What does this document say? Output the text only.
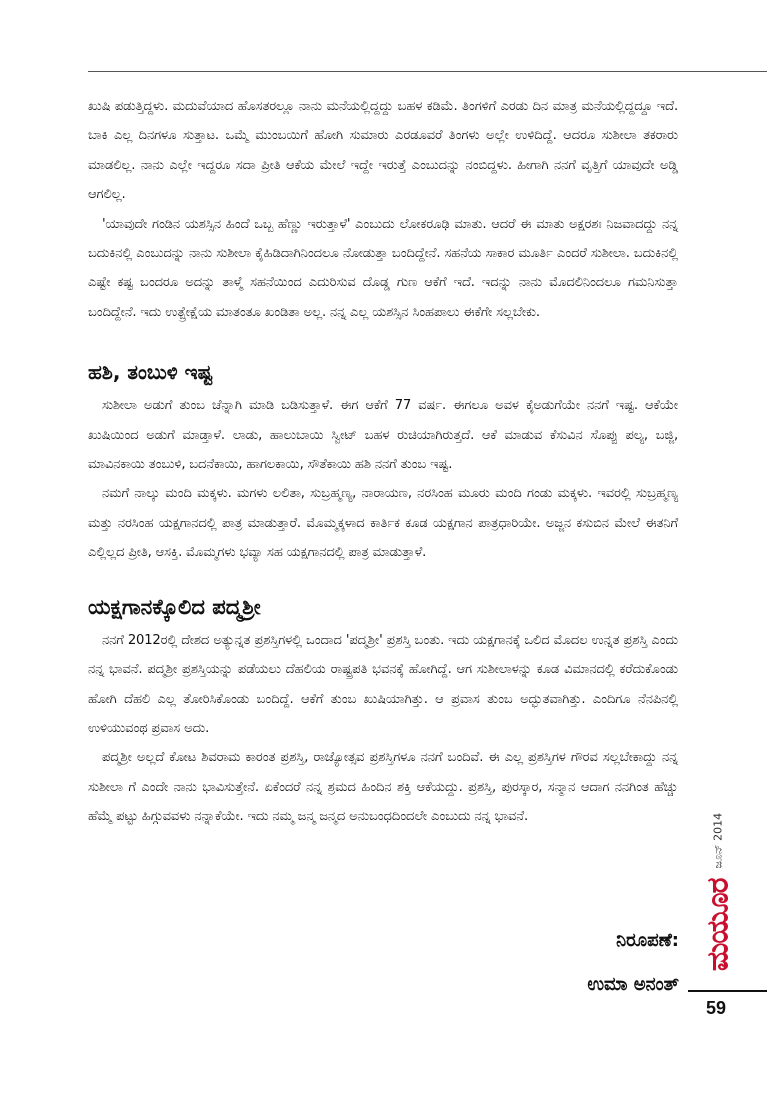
ಖುಷಿ ಪಡುತ್ತಿದ್ದಳು. ಮದುವೆಯಾದ ಹೊಸತರಲ್ಲೂ ನಾನು ಮನೆಯಲ್ಲಿದ್ದದ್ದು ಬಹಳ ಕಡಿಮೆ. ತಿಂಗಳಿಗೆ ಎರಡು ದಿನ ಮಾತ್ರ ಮನೆಯಲ್ಲಿದ್ದದ್ದೂ ಇದೆ. ಬಾಕಿ ಎಲ್ಲ ದಿನಗಳೂ ಸುತ್ತಾಟ. ಒಮ್ಮೆ ಮುಂಬಯಿಗೆ ಹೋಗಿ ಸುಮಾರು ಎರಡೂವರೆ ತಿಂಗಳು ಅಲ್ಲೇ ಉಳಿದಿದ್ದೆ. ಆದರೂ ಸುಶೀಲಾ ತಕರಾರು ಮಾಡಲಿಲ್ಲ. ನಾನು ಎಲ್ಲೇ ಇದ್ದರೂ ಸದಾ ಪ್ರೀತಿ ಆಕೆಯ ಮೇಲೆ ಇದ್ದೇ ಇರುತ್ತೆ ಎಂಬುದನ್ನು ನಂಬಿದ್ದಳು. ಹೀಗಾಗಿ ನನಗೆ ವೃತ್ತಿಗೆ ಯಾವುದೇ ಅಡ್ಡಿ ಆಗಲಿಲ್ಲ.

'ಯಾವುದೇ ಗಂಡಿನ ಯಶಸ್ಸಿನ ಹಿಂದೆ ಒಬ್ಬ ಹೆಣ್ಣು ಇರುತ್ತಾಳೆ' ಎಂಬುದು ಲೋಕರೂಢಿ ಮಾತು. ಆದರೆ ಈ ಮಾತು ಅಕ್ಷರಶಃ ನಿಜವಾದದ್ದು ನನ್ನ ಬದುಕಿನಲ್ಲಿ ಎಂಬುದನ್ನು ನಾನು ಸುಶೀಲಾ ಕೈಹಿಡಿದಾಗಿನಿಂದಲೂ ನೋಡುತ್ತಾ ಬಂದಿದ್ದೇನೆ. ಸಹನೆಯ ಸಾಕಾರ ಮೂರ್ತಿ ಎಂದರೆ ಸುಶೀಲಾ. ಬದುಕಿನಲ್ಲಿ ಎಷ್ಟೇ ಕಷ್ಟ ಬಂದರೂ ಅದನ್ನು ತಾಳ್ಮೆ ಸಹನೆಯಿಂದ ಎದುರಿಸುವ ದೊಡ್ಡ ಗುಣ ಆಕೆಗೆ ಇದೆ. ಇದನ್ನು ನಾನು ಮೊದಲಿನಿಂದಲೂ ಗಮನಿಸುತ್ತಾ ಬಂದಿದ್ದೇನೆ. ಇದು ಉತ್ಪ್ರೇಕ್ಷೆಯ ಮಾತಂತೂ ಖಂಡಿತಾ ಅಲ್ಲ. ನನ್ನ ಎಲ್ಲ ಯಶಸ್ಸಿನ ಸಿಂಹಪಾಲು ಈಕೆಗೇ ಸಲ್ಲಬೇಕು.

ಹಶಿ, ತಂಬುಳಿ ಇಷ್ಟ

ಸುಶೀಲಾ ಅಡುಗೆ ತುಂಬ ಚೆನ್ನಾಗಿ ಮಾಡಿ ಬಡಿಸುತ್ತಾಳೆ. ಈಗ ಆಕೆಗೆ 77 ವರ್ಷ. ಈಗಲೂ ಅವಳ ಕೈಅಡುಗೆಯೇ ನನಗೆ ಇಷ್ಟ. ಆಕೆಯೇ ಖುಷಿಯಿಂದ ಅಡುಗೆ ಮಾಡ್ತಾಳೆ. ಲಾಡು, ಹಾಲುಬಾಯಿ ಸ್ವೀಟ್ ಬಹಳ ರುಚಿಯಾಗಿರುತ್ತದೆ. ಆಕೆ ಮಾಡುವ ಕೆಸುವಿನ ಸೊಪ್ಪು ಪಲ್ಯ, ಬಜ್ಜಿ, ಮಾವಿನಕಾಯಿ ತಂಬುಳಿ, ಬದನೆಕಾಯಿ, ಹಾಗಲಕಾಯಿ, ಸೌತೆಕಾಯಿ ಹಶಿ ನನಗೆ ತುಂಬ ಇಷ್ಟ.

ನಮಗೆ ನಾಲ್ಕು ಮಂದಿ ಮಕ್ಕಳು. ಮಗಳು ಲಲಿತಾ, ಸುಬ್ರಹ್ಮಣ್ಯ, ನಾರಾಯಣ, ನರಸಿಂಹ ಮೂರು ಮಂದಿ ಗಂಡು ಮಕ್ಕಳು. ಇವರಲ್ಲಿ ಸುಬ್ರಹ್ಮಣ್ಯ ಮತ್ತು ನರಸಿಂಹ ಯಕ್ಷಗಾನದಲ್ಲಿ ಪಾತ್ರ ಮಾಡುತ್ತಾರೆ. ಮೊಮ್ಮಕ್ಕಳಾದ ಕಾರ್ತಿಕ ಕೂಡ ಯಕ್ಷಗಾನ ಪಾತ್ರಧಾರಿಯೇ. ಅಜ್ಜನ ಕಸುಬಿನ ಮೇಲೆ ಈತನಿಗೆ ಎಲ್ಲಿಲ್ಲದ ಪ್ರೀತಿ, ಆಸಕ್ತಿ. ಮೊಮ್ಮಗಳು ಭವ್ಯಾ ಸಹ ಯಕ್ಷಗಾನದಲ್ಲಿ ಪಾತ್ರ ಮಾಡುತ್ತಾಳೆ.

ಯಕ್ಷಗಾನಕ್ಕೊಲಿದ ಪದ್ಮಶ್ರೀ

ನನಗೆ 2012ರಲ್ಲಿ ದೇಶದ ಅತ್ಯುನ್ನತ ಪ್ರಶಸ್ತಿಗಳಲ್ಲಿ ಒಂದಾದ 'ಪದ್ಮಶ್ರೀ' ಪ್ರಶಸ್ತಿ ಬಂತು. ಇದು ಯಕ್ಷಗಾನಕ್ಕೆ ಒಲಿದ ಮೊದಲ ಉನ್ನತ ಪ್ರಶಸ್ತಿ ಎಂದು ನನ್ನ ಭಾವನೆ. ಪದ್ಮಶ್ರೀ ಪ್ರಶಸ್ತಿಯನ್ನು ಪಡೆಯಲು ದೆಹಲಿಯ ರಾಷ್ಟ್ರಪತಿ ಭವನಕ್ಕೆ ಹೋಗಿದ್ದೆ. ಆಗ ಸುಶೀಲಾಳನ್ನು ಕೂಡ ವಿಮಾನದಲ್ಲಿ ಕರೆದುಕೊಂಡು ಹೋಗಿ ದೆಹಲಿ ಎಲ್ಲ ತೋರಿಸಿಕೊಂಡು ಬಂದಿದ್ದೆ. ಆಕೆಗೆ ತುಂಬ ಖುಷಿಯಾಗಿತ್ತು. ಆ ಪ್ರವಾಸ ತುಂಬ ಅದ್ಭುತವಾಗಿತ್ತು. ಎಂದಿಗೂ ನೆನಪಿನಲ್ಲಿ ಉಳಿಯುವಂಥ ಪ್ರವಾಸ ಅದು.

ಪದ್ಮಶ್ರೀ ಅಲ್ಲದೆ ಕೋಟ ಶಿವರಾಮ ಕಾರಂತ ಪ್ರಶಸ್ತಿ, ರಾಜ್ಯೋತ್ಸವ ಪ್ರಶಸ್ತಿಗಳೂ ನನಗೆ ಬಂದಿವೆ. ಈ ಎಲ್ಲ ಪ್ರಶಸ್ತಿಗಳ ಗೌರವ ಸಲ್ಲಬೇಕಾದ್ದು ನನ್ನ ಸುಶೀಲಾ ಗೆ ಎಂದೇ ನಾನು ಭಾವಿಸುತ್ತೇನೆ. ಏಕೆಂದರೆ ನನ್ನ ಶ್ರಮದ ಹಿಂದಿನ ಶಕ್ತಿ ಆಕೆಯದ್ದು. ಪ್ರಶಸ್ತಿ, ಪುರಸ್ಕಾರ, ಸನ್ಮಾನ ಆದಾಗ ನನಗಿಂತ ಹೆಚ್ಚು ಹೆಮ್ಮೆ ಪಟ್ಟು ಹಿಗ್ಗುವವಳು ನನ್ನಾಕೆಯೇ. ಇದು ನಮ್ಮ ಜನ್ಮ ಜನ್ಮದ ಅನುಬಂಧದಿಂದಲೇ ಎಂಬುದು ನನ್ನ ಭಾವನೆ.

ನಿರೂಪಣೆ:
ಉಮಾ ಅನಂತ್
ಮಯೂರ
ಜೂನ್ 2014
59
